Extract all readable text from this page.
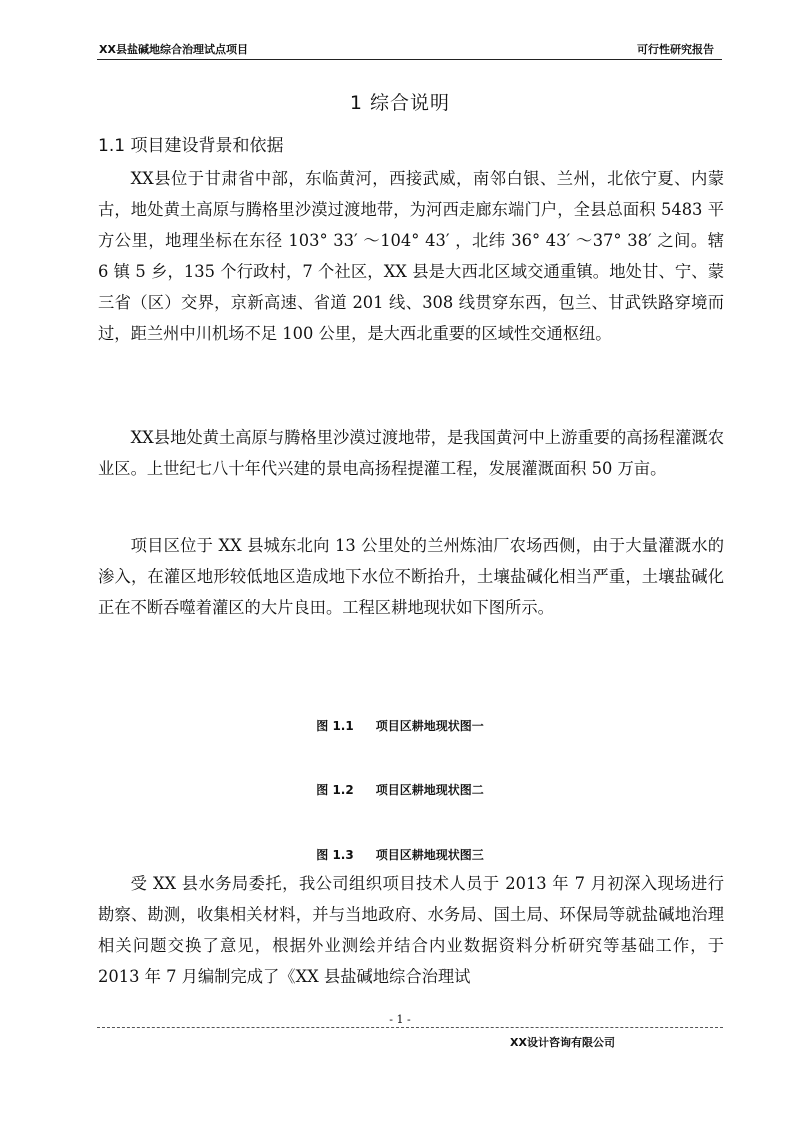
XX县盐碱地综合治理试点项目	可行性研究报告
1 综合说明
1.1 项目建设背景和依据

XX县位于甘肃省中部，东临黄河，西接武威，南邻白银、兰州，北依宁夏、内蒙古，地处黄土高原与腾格里沙漠过渡地带，为河西走廊东端门户，全县总面积 5483 平方公里，地理坐标在东径 103° 33′ ～104° 43′ ，北纬 36° 43′ ～37° 38′ 之间。辖 6 镇 5 乡，135 个行政村，7 个社区，XX 县是大西北区域交通重镇。地处甘、宁、蒙三省（区）交界，京新高速、省道 201 线、308 线贯穿东西，包兰、甘武铁路穿境而过，距兰州中川机场不足 100 公里，是大西北重要的区域性交通枢纽。

XX县地处黄土高原与腾格里沙漠过渡地带，是我国黄河中上游重要的高扬程灌溉农业区。上世纪七八十年代兴建的景电高扬程提灌工程，发展灌溉面积 50 万亩。

项目区位于 XX 县城东北向 13 公里处的兰州炼油厂农场西侧，由于大量灌溉水的渗入，在灌区地形较低地区造成地下水位不断抬升，土壤盐碱化相当严重，土壤盐碱化正在不断吞噬着灌区的大片良田。工程区耕地现状如下图所示。

图 1.1 项目区耕地现状图一
图 1.2 项目区耕地现状图二
图 1.3 项目区耕地现状图三

受 XX 县水务局委托，我公司组织项目技术人员于 2013 年 7 月初深入现场进行勘察、勘测，收集相关材料，并与当地政府、水务局、国土局、环保局等就盐碱地治理相关问题交换了意见，根据外业测绘并结合内业数据资料分析研究等基础工作，于 2013 年 7 月编制完成了《XX 县盐碱地综合治理试

- 1 -
XX设计咨询有限公司
